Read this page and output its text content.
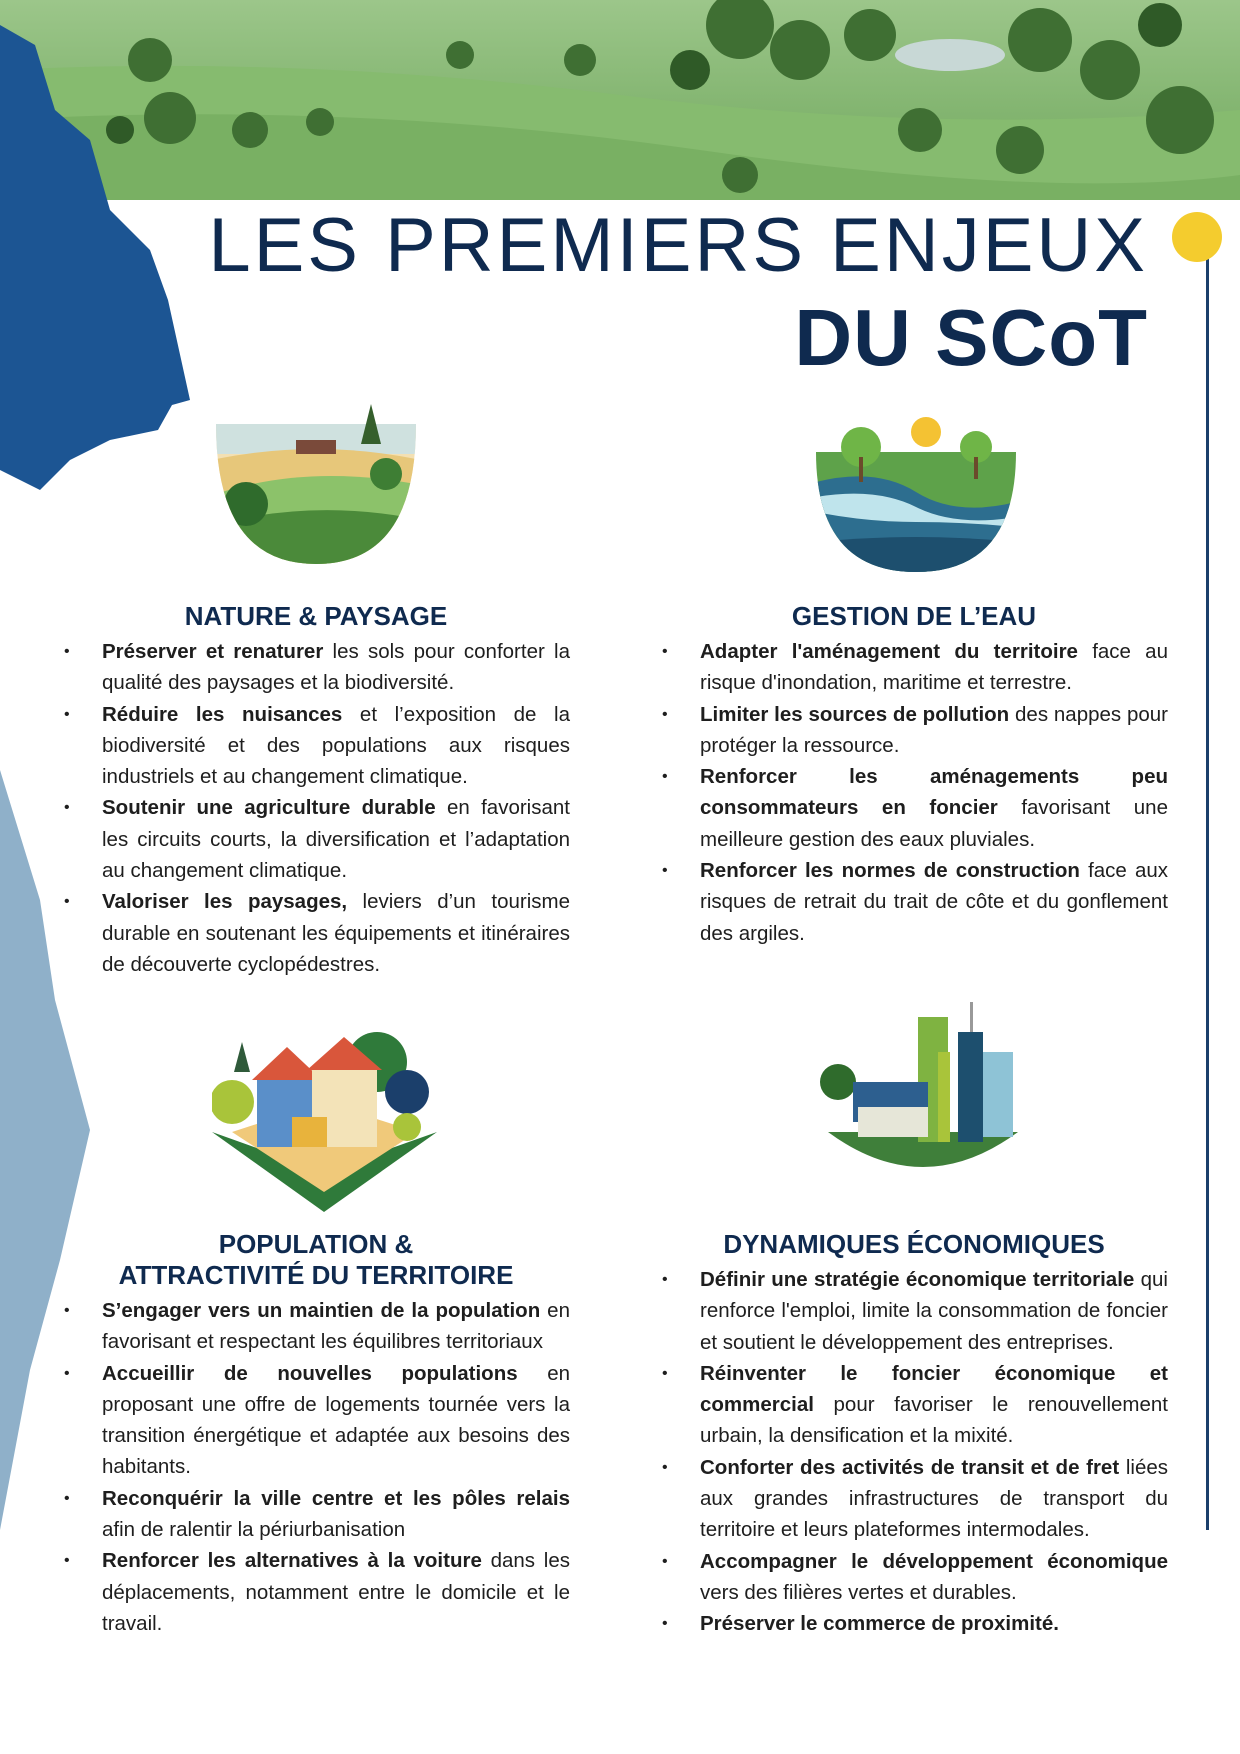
LES PREMIERS ENJEUX
DU SCoT
NATURE & PAYSAGE
• Préserver et renaturer les sols pour conforter la qualité des paysages et la biodiversité.
• Réduire les nuisances et l’exposition de la biodiversité et des populations aux risques industriels et au changement climatique.
• Soutenir une agriculture durable en favorisant les circuits courts, la diversification et l’adaptation au changement climatique.
• Valoriser les paysages, leviers d’un tourisme durable en soutenant les équipements et itinéraires de découverte cyclopédestres.
GESTION DE L’EAU
• Adapter l'aménagement du territoire face au risque d'inondation, maritime et terrestre.
• Limiter les sources de pollution des nappes pour protéger la ressource.
• Renforcer les aménagements peu consommateurs en foncier favorisant une meilleure gestion des eaux pluviales.
• Renforcer les normes de construction face aux risques de retrait du trait de côte et du gonflement des argiles.
POPULATION &
ATTRACTIVITÉ DU TERRITOIRE
• S’engager vers un maintien de la population en favorisant et respectant les équilibres territoriaux
• Accueillir de nouvelles populations en proposant une offre de logements tournée vers la transition énergétique et adaptée aux besoins des habitants.
• Reconquérir la ville centre et les pôles relais afin de ralentir la périurbanisation
• Renforcer les alternatives à la voiture dans les déplacements, notamment entre le domicile et le travail.
DYNAMIQUES ÉCONOMIQUES
• Définir une stratégie économique territoriale qui renforce l'emploi, limite la consommation de foncier et soutient le développement des entreprises.
• Réinventer le foncier économique et commercial pour favoriser le renouvellement urbain, la densification et la mixité.
• Conforter des activités de transit et de fret liées aux grandes infrastructures de transport du territoire et leurs plateformes intermodales.
• Accompagner le développement économique vers des filières vertes et durables.
• Préserver le commerce de proximité.
